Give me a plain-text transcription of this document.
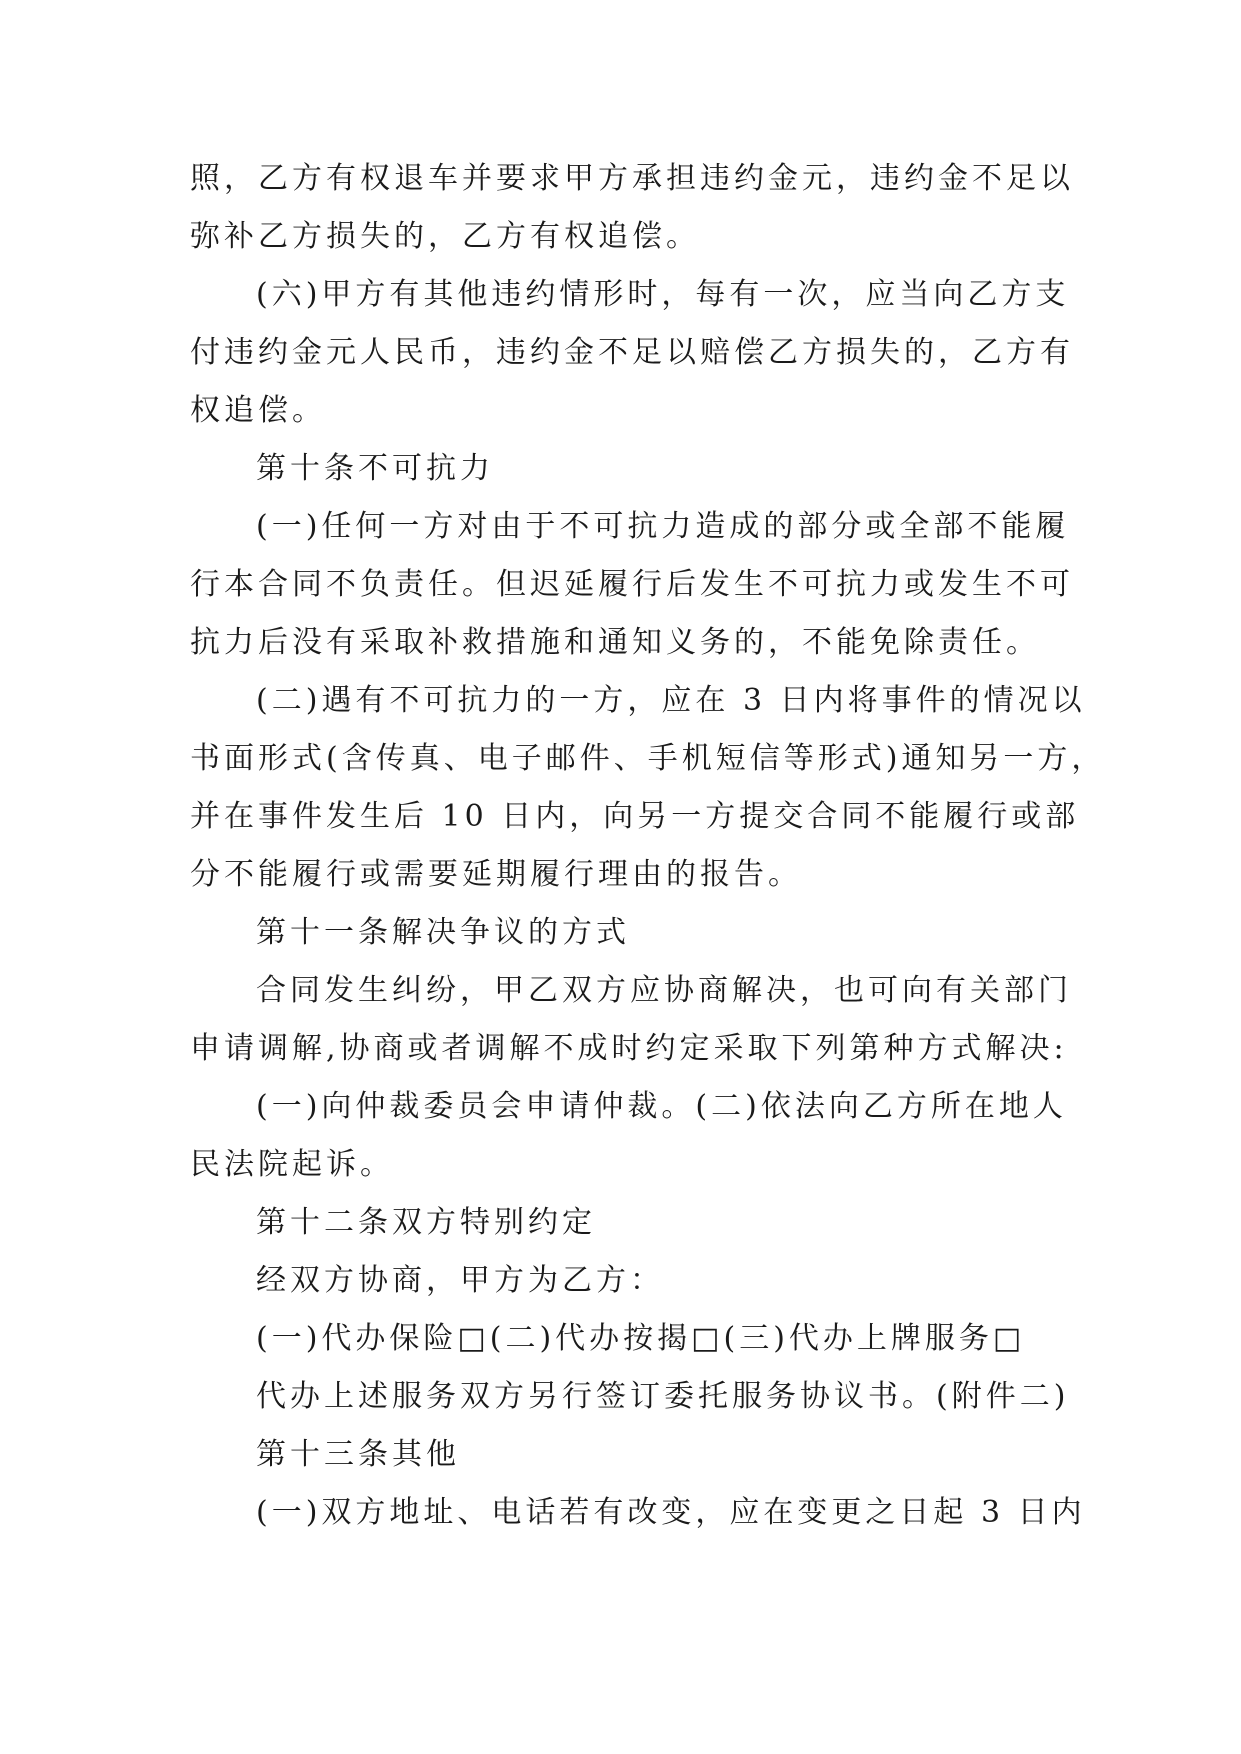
照，乙方有权退车并要求甲方承担违约金元，违约金不足以
弥补乙方损失的，乙方有权追偿。
(六)甲方有其他违约情形时，每有一次，应当向乙方支
付违约金元人民币，违约金不足以赔偿乙方损失的，乙方有
权追偿。
第十条不可抗力
(一)任何一方对由于不可抗力造成的部分或全部不能履
行本合同不负责任。但迟延履行后发生不可抗力或发生不可
抗力后没有采取补救措施和通知义务的，不能免除责任。
(二)遇有不可抗力的一方，应在 3 日内将事件的情况以
书面形式(含传真、电子邮件、手机短信等形式)通知另一方，
并在事件发生后 10 日内，向另一方提交合同不能履行或部
分不能履行或需要延期履行理由的报告。
第十一条解决争议的方式
合同发生纠纷，甲乙双方应协商解决，也可向有关部门
申请调解,协商或者调解不成时约定采取下列第种方式解决:
(一)向仲裁委员会申请仲裁。(二)依法向乙方所在地人
民法院起诉。
第十二条双方特别约定
经双方协商，甲方为乙方：
(一)代办保险□(二)代办按揭□(三)代办上牌服务□
代办上述服务双方另行签订委托服务协议书。(附件二)
第十三条其他
(一)双方地址、电话若有改变，应在变更之日起 3 日内
